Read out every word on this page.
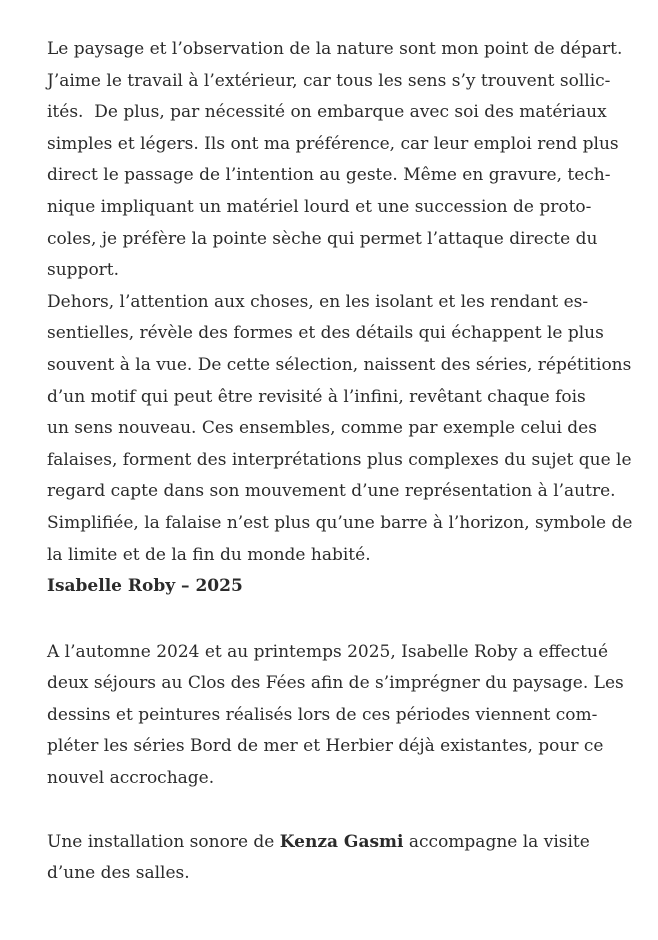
Le paysage et l’observation de la nature sont mon point de départ.
J’aime le travail à l’extérieur, car tous les sens s’y trouvent sollic-
ités.  De plus, par nécessité on embarque avec soi des matériaux
simples et légers. Ils ont ma préférence, car leur emploi rend plus
direct le passage de l’intention au geste. Même en gravure, tech-
nique impliquant un matériel lourd et une succession de proto-
coles, je préfère la pointe sèche qui permet l’attaque directe du
support.
Dehors, l’attention aux choses, en les isolant et les rendant es-
sentielles, révèle des formes et des détails qui échappent le plus
souvent à la vue. De cette sélection, naissent des séries, répétitions
d’un motif qui peut être revisité à l’infini, revêtant chaque fois
un sens nouveau. Ces ensembles, comme par exemple celui des
falaises, forment des interprétations plus complexes du sujet que le
regard capte dans son mouvement d’une représentation à l’autre.
Simplifiée, la falaise n’est plus qu’une barre à l’horizon, symbole de
la limite et de la fin du monde habité.
Isabelle Roby – 2025
A l’automne 2024 et au printemps 2025, Isabelle Roby a effectué
deux séjours au Clos des Fées afin de s’imprégner du paysage. Les
dessins et peintures réalisés lors de ces périodes viennent com-
pléter les séries Bord de mer et Herbier déjà existantes, pour ce
nouvel accrochage.
Une installation sonore de Kenza Gasmi accompagne la visite
d’une des salles.
